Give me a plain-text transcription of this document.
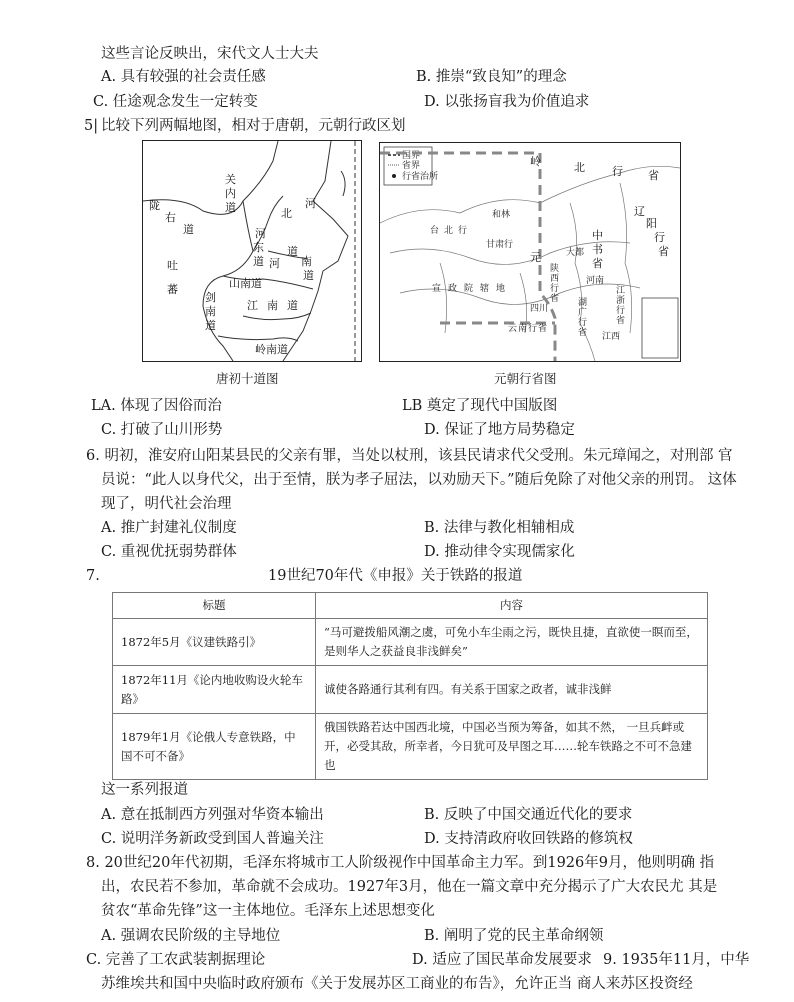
这些言论反映出，宋代文人士大夫
A. 具有较强的社会责任感	B. 推崇“致良知”的理念
C. 任途观念发生一定转变	D. 以张扬盲我为价值追求
5| 比较下列两幅地图，相对于唐朝，元朝行政区划
关
内
道
陇
右
道
吐
蕃
河
东
道
北
河
道
河 南
道
山南道
剑
南
道
江 南 道
岭南道
国界
省界
行省治所
岭	北 行 省
辽
阳
行
省
甘肃行
中
书
省
宣 政 院 辖 地
云 南 行 省
湖
广
行
省
江
浙
行
省
元	大都
陕
西
行
省
和林
河南
江西
四川
台 北 行
唐初十道图	元朝行省图
LA. 体现了因俗而治	LB 奠定了现代中国版图
C. 打破了山川形势	D. 保证了地方局势稳定
6. 明初，淮安府山阳某县民的父亲有罪，当处以杖刑，该县民请求代父受刑。朱元璋闻之，对刑部 官
员说：“此人以身代父，出于至情，朕为孝子屈法，以劝励天下。”随后免除了对他父亲的刑罚。 这体
现了，明代社会治理
A. 推广封建礼仪制度	B. 法律与教化相辅相成
C. 重视优抚弱势群体	D. 推动律令实现儒家化
7.	19世纪70年代《申报》关于铁路的报道
标题	内容
1872年5月《议建铁路引》	“马可避拨船风潮之虞，可免小车尘雨之污，既快且捷，直欲使一瞑而至，是则华人之获益良非浅鲜矣”
1872年11月《论内地收购设火轮车路》	诚使各路通行其利有四。有关系于国家之政者，诚非浅鲜
1879年1月《论俄人专意铁路，中国不可不备》	俄国铁路若达中国西北境，中国必当预为筹备，如其不然， 一旦兵衅或开，必受其敌，所幸者，今日犹可及早图之耳……轮车铁路之不可不急建也
这一系列报道
A. 意在抵制西方列强对华资本输出	B. 反映了中国交通近代化的要求
C. 说明洋务新政受到国人普遍关注	D. 支持清政府收回铁路的修筑权
8. 20世纪20年代初期，毛泽东将城市工人阶级视作中国革命主力军。到1926年9月，他则明确 指
出，农民若不参加，革命就不会成功。1927年3月，他在一篇文章中充分揭示了广大农民尤 其是
贫农“革命先锋”这一主体地位。毛泽东上述思想变化
A. 强调农民阶级的主导地位	B. 阐明了党的民主革命纲领
C. 完善了工农武装割据理论	D. 适应了国民革命发展要求 9. 1935年11月，中华
苏维埃共和国中央临时政府颁布《关于发展苏区工商业的布告》，允许正当 商人来苏区投资经
